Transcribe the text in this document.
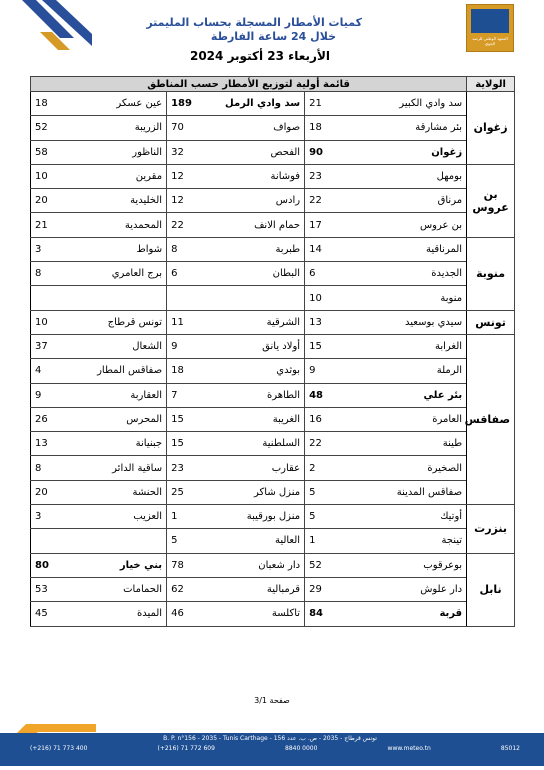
المعهد الوطني للرصد الجوي
كميات الأمطار المسجلة بحساب المليمتر
خلال 24 ساعة الفارطة
الأربعاء 23 أكتوبر 2024
الولاية	قائمة أولية لتوزيع الأمطار حسب المناطق					
زغوان	سد وادي الكبير	21	سد وادي الرمل	189	عين عسكر	18
	بئر مشارقة	18	صواف	70	الزريبة	52
	زغوان	90	الفحص	32	الناظور	58
بن عروس	بومهل	23	فوشانة	12	مقرين	10
	مرناق	22	رادس	12	الخليدية	20
	بن عروس	17	حمام الانف	22	المحمدية	21
منوبة	المرناقية	14	طبربة	8	شواط	3
	الجديدة	6	البطان	6	برج العامري	8
	منوبة	10				
تونس	سيدي بوسعيد	13	الشرقية	11	تونس قرطاج	10
صفاقس	الغرابة	15	أولاد يانق	9	الشعال	37
	الرملة	9	بوثدي	18	صفاقس المطار	4
	بئر علي	48	الطاهرة	7	العقاربة	9
	العامرة	16	الغريبة	15	المحرس	26
	طينة	22	السلطنية	15	جبنيانة	13
	الصخيرة	2	عقارب	23	ساقية الدائر	8
	صفاقس المدينة	5	منزل شاكر	25	الحنشة	20
بنزرت	أوتيك	5	منزل بورقيبة	1	العزيب	3
	تينجة	1	العالية	5		
نابل	بوعرقوب	52	دار شعبان	78	بني خيار	80
	دار علوش	29	قرمبالية	62	الحمامات	53
	قربة	84	تاكلسة	46	الميدة	45
صفحة 3/1
B. P. n°156 - 2035 - Tunis Carthage - تونس قرطاج - 2035 - ص. ب. عدد 156
(+216) 71 773 400	(+216) 71 772 609	8840 0000	www.meteo.tn	85012
